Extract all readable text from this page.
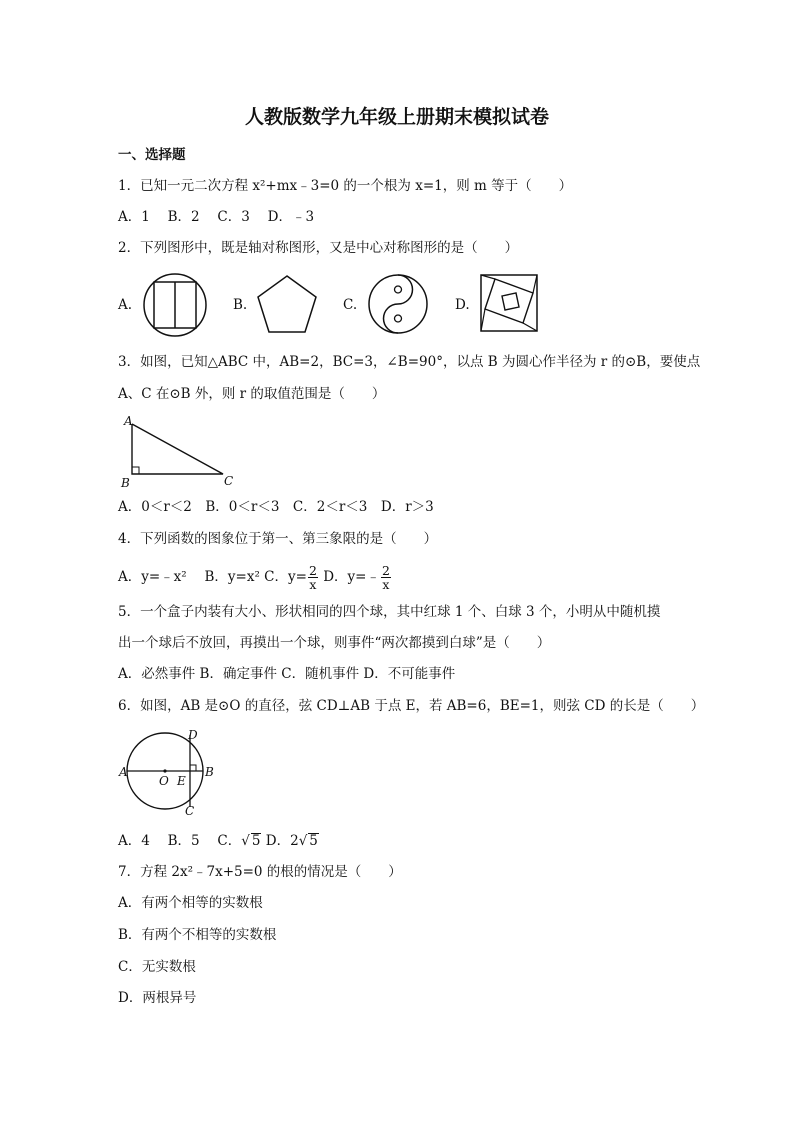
人教版数学九年级上册期末模拟试卷
一、选择题
1．已知一元二次方程 x²+mx﹣3=0 的一个根为 x=1，则 m 等于（　　）
A．1　 B．2　 C．3　 D．﹣3
2．下列图形中，既是轴对称图形，又是中心对称图形的是（　　）
A.	B.	C.	D.
3．如图，已知△ABC 中，AB=2，BC=3，∠B=90°，以点 B 为圆心作半径为 r 的⊙B，要使点
A、C 在⊙B 外，则 r 的取值范围是（　　）
A
B	C
A．0＜r＜2　B．0＜r＜3　C．2＜r＜3　D．r＞3
4．下列函数的图象位于第一、第三象限的是（　　）
A．y=﹣x²　 B．y=x² C．$y= \frac{2}{x}$ D．y=﹣ $\frac{2}{x}$
5．一个盒子内装有大小、形状相同的四个球，其中红球 1 个、白球 3 个，小明从中随机摸
出一个球后不放回，再摸出一个球，则事件“两次都摸到白球”是（　　）
A．必然事件 B．确定事件 C．随机事件 D．不可能事件
6．如图，AB 是⊙O 的直径，弦 CD⊥AB 于点 E，若 AB=6，BE=1，则弦 CD 的长是（　　）
D
A
O E
B
C
A．4　 B．5　 C．√ 5 D．2√ 5
7．方程 2x²﹣7x+5=0 的根的情况是（　　）
A．有两个相等的实数根
B．有两个不相等的实数根
C．无实数根
D．两根异号
